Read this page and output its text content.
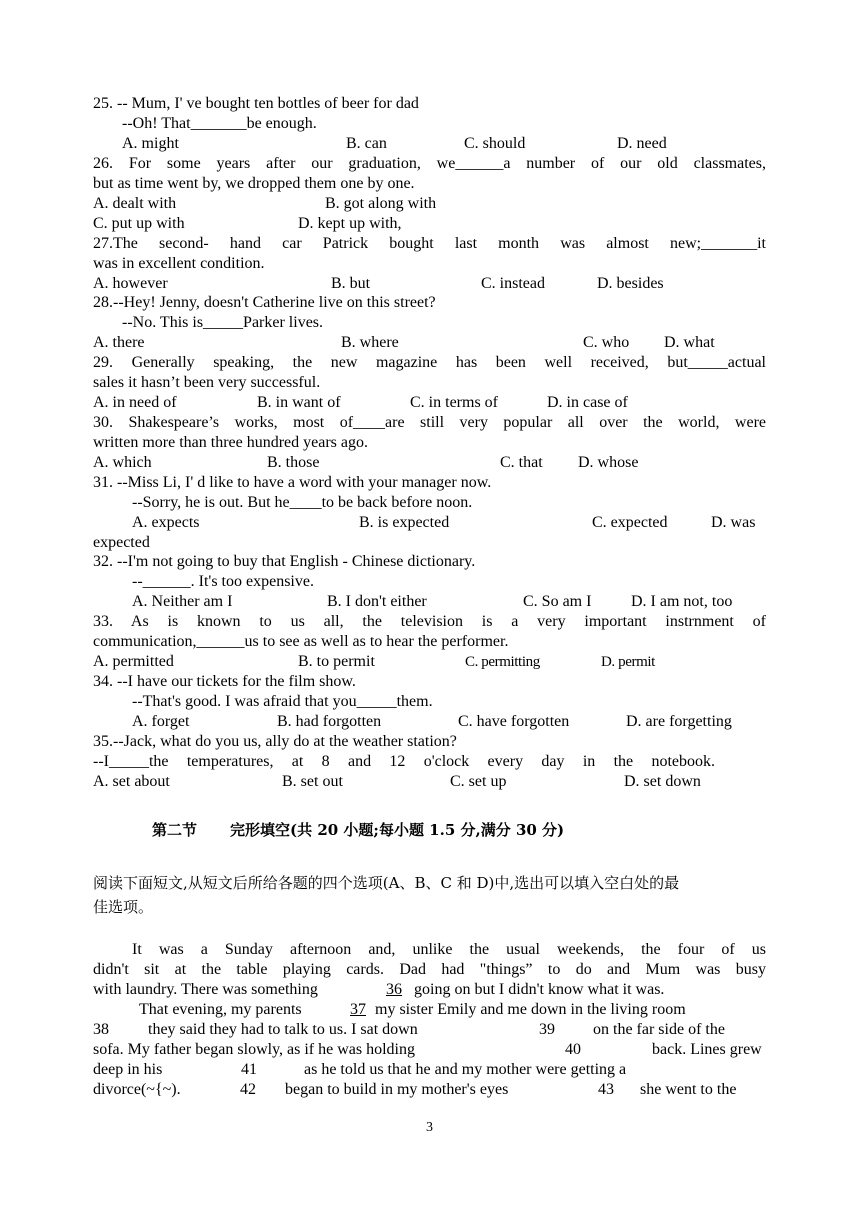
25. -- Mum, I' ve bought ten bottles of beer for dad
--Oh! That_______be enough.
A. might	B. can	C. should	D. need
26. For some years after our graduation, we______a number of our old classmates,
but as time went by, we dropped them one by one.
A. dealt with	B. got along with
C. put up with	D. kept up with,
27.The second- hand car Patrick bought last month was almost new;_______it
was in excellent condition.
A. however	B. but	C. instead	D. besides
28.--Hey! Jenny, doesn't Catherine live on this street?
--No. This is_____Parker lives.
A. there	B. where	C. who D. what
29. Generally speaking, the new magazine has been well received, but_____actual
sales it hasn’t been very successful.
A. in need of	B. in want of	C. in terms of	D. in case of
30. Shakespeare’s works, most of____are still very popular all over the world, were
written more than three hundred years ago.
A. which	B. those	C. that D. whose
31. --Miss Li, I' d like to have a word with your manager now.
--Sorry, he is out. But he____to be back before noon.
A. expects	B. is expected	C. expected	D. was
expected
32. --I'm not going to buy that English - Chinese dictionary.
--______. It's too expensive.
A. Neither am I	B. I don't either	C. So am I D. I am not, too
33. As is known to us all, the television is a very important instrnment of
communication,______us to see as well as to hear the performer.
A. permitted	B. to permit	C. permitting	D. permit
34. --I have our tickets for the film show.
--That's good. I was afraid that you_____them.
A. forget	B. had forgotten	C. have forgotten	D. are forgetting
35.--Jack, what do you us, ally do at the weather station?
--I_____the temperatures, at 8 and 12 o'clock every day in the notebook.
A. set about	B. set out	C. set up	D. set down
第二节 完形填空(共 20 小题;每小题 1.5 分,满分 30 分)
阅读下面短文,从短文后所给各题的四个选项(A、B、C 和 D)中,选出可以填入空白处的最
佳选项。
It was a Sunday afternoon and, unlike the usual weekends, the four of us
didn't sit at the table playing cards. Dad had "things” to do and Mum was busy
with laundry. There was something	36 going on but I didn't know what it was.
That evening, my parents	37 my sister Emily and me down in the living room
38 they said they had to talk to us. I sat down	39 on the far side of the
sofa. My father began slowly, as if he was holding	40	back. Lines grew
deep in his	41	as he told us that he and my mother were getting a
divorce(~{~).	42 began to build in my mother's eyes	43 she went to the
3
